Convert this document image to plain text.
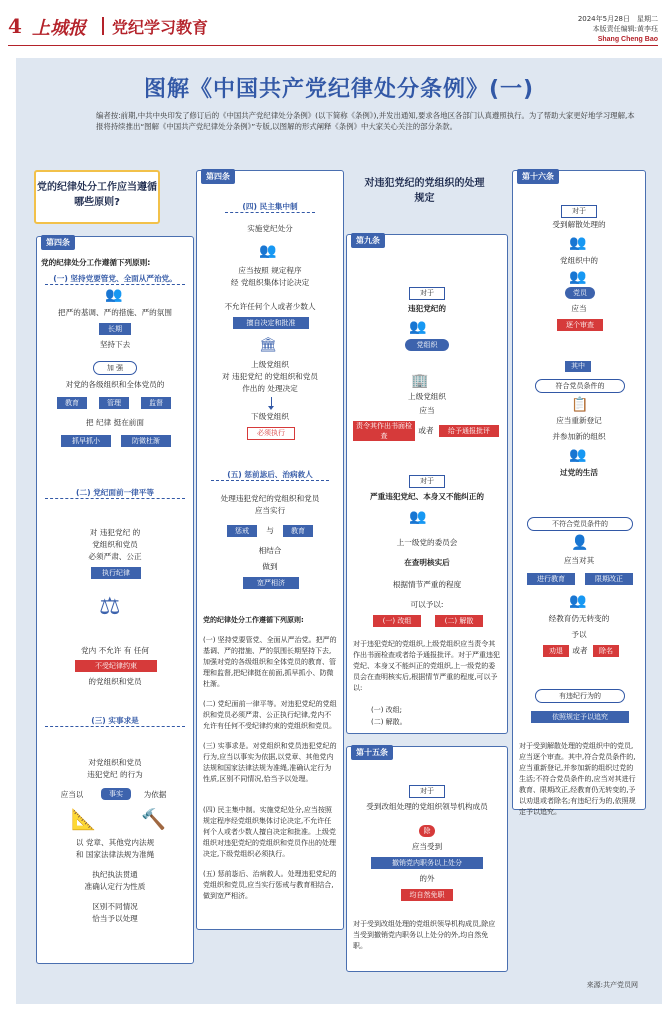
4 上城报 党纪学习教育	2024年5月28日　星期二
本版责任编辑:黄李珏
Shang Cheng Bao
图解《中国共产党纪律处分条例》(一)
编者按:前期,中共中央印发了修订后的《中国共产党纪律处分条例》(以下简称《条例》),并发出通知,要求各地区各部门认真遵照执行。为了帮助大家更好地学习理解,本报将持续推出“图解《中国共产党纪律处分条例》”专版,以图解的形式阐释《条例》中大家关心关注的部分条款。
党的纪律处分工作应当遵循哪些原则?
第四条
党的纪律处分工作遵循下列原则:
(一) 坚持党要管党、全面从严治党。
👥
把严的基调、严的措施、严的氛围
长期
坚持下去
加 强
对党的各级组织和全体党员的
教育	管理	监督
把 纪律 挺在前面
抓早抓小	防微杜渐
(二) 党纪面前一律平等
对 违犯党纪 的
党组织和党员
必须严肃、公正
执行纪律
⚖
党内 不允许 有 任何
不受纪律约束
的党组织和党员
(三) 实事求是
对党组织和党员
违犯党纪 的行为
应当以	事实	为依据
📐 🔨
以 党章、其他党内法规
和 国家法律法规为准绳
执纪执法贯通
准确认定行为性质
区别不同情况
恰当予以处理
第四条
(四) 民主集中制
实施党纪处分
👥
应当按照 规定程序
经 党组织集体讨论决定
不允许任何个人或者少数人
擅自决定和批准
🏛
上级党组织
对 违犯党纪 的党组织和党员
作出的 处理决定
下级党组织
必须执行
(五) 惩前毖后、治病救人
处理违犯党纪的党组织和党员
应当实行
惩戒	与	教育
相结合
做到
宽严相济
党的纪律处分工作遵循下列原则:
(一) 坚持党要管党、全面从严治党。把严的基调、严的措施、严的氛围长期坚持下去,加强对党的各级组织和全体党员的教育、管理和监督,把纪律挺在前面,抓早抓小、防微杜渐。
(二) 党纪面前一律平等。对违犯党纪的党组织和党员必须严肃、公正执行纪律,党内不允许有任何不受纪律约束的党组织和党员。
(三) 实事求是。对党组织和党员违犯党纪的行为,应当以事实为依据,以党章、其他党内法规和国家法律法规为准绳,准确认定行为性质,区别不同情况,恰当予以处理。
(四) 民主集中制。实施党纪处分,应当按照规定程序经党组织集体讨论决定,不允许任何个人或者少数人擅自决定和批准。上级党组织对违犯党纪的党组织和党员作出的处理决定,下级党组织必须执行。
(五) 惩前毖后、治病救人。处理违犯党纪的党组织和党员,应当实行惩戒与教育相结合,做到宽严相济。
对违犯党纪的党组织的处理规定
第九条
对于
违犯党纪的
👥
党组织
🏢
上级党组织
应当
责令其作出书面检查
或者	给予通报批评
对于
严重违犯党纪、本身又不能纠正的
👥
上一级党的委员会
在查明核实后
根据情节严重的程度
可以予以:
(一) 改组	(二) 解散
对于违犯党纪的党组织,上级党组织应当责令其作出书面检查或者给予通报批评。对于严重违犯党纪、本身又不能纠正的党组织,上一级党的委员会在查明核实后,根据情节严重的程度,可以予以:
(一) 改组;
(二) 解散。
第十五条
对于
受到改组处理的党组织领导机构成员
除
应当受到
撤销党内职务以上处分
的外
均自然免职
对于受到改组处理的党组织领导机构成员,除应当受到撤销党内职务以上处分的外,均自然免职。
第十六条
对于
受到解散处理的
👥
党组织中的
👥
党员
应当
逐个审查
其中
符合党员条件的
📋
应当重新登记
并参加新的组织
👥
过党的生活
不符合党员条件的
👤
应当对其
进行教育	限期改正
👥
经教育仍无转变的
予以
劝退	或者	除名
有违纪行为的
依照规定予以追究
对于受到解散处理的党组织中的党员,应当逐个审查。其中,符合党员条件的,应当重新登记,并参加新的组织过党的生活;不符合党员条件的,应当对其进行教育、限期改正,经教育仍无转变的,予以劝退或者除名;有违纪行为的,依照规定予以追究。
来源:共产党员网
